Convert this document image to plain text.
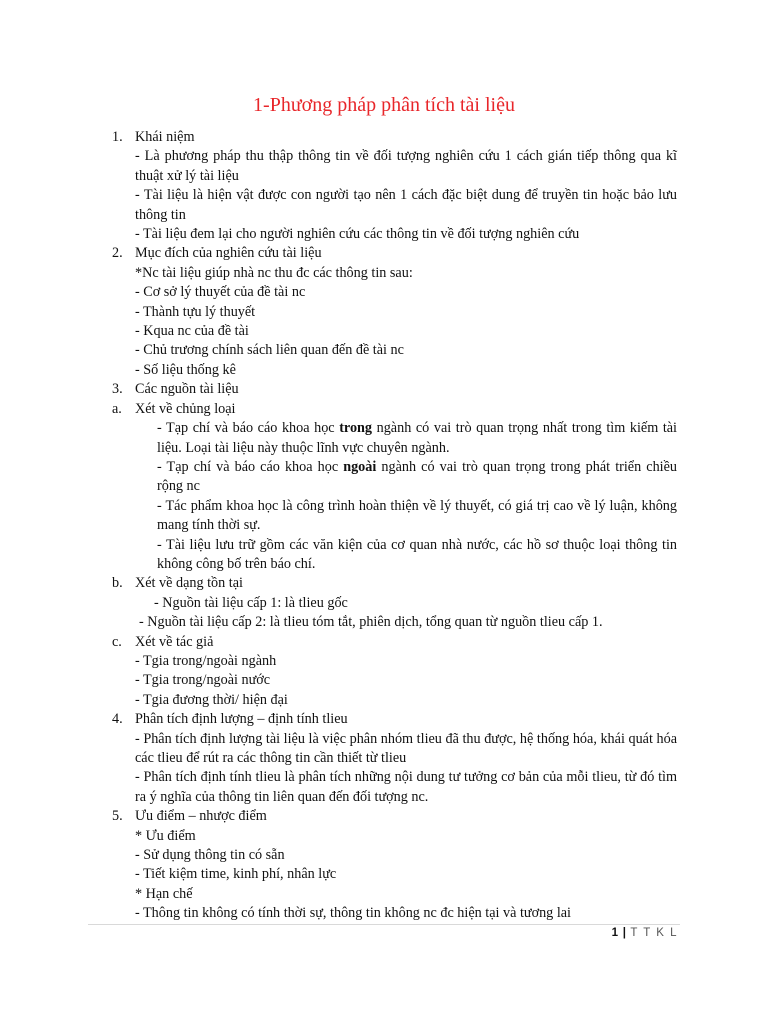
1-Phương pháp phân tích tài liệu
1. Khái niệm
- Là phương pháp thu thập thông tin về đối tượng nghiên cứu 1 cách gián tiếp thông qua kĩ thuật xử lý tài liệu
- Tài liệu là hiện vật được con người tạo nên 1 cách đặc biệt dung để truyền tin hoặc bảo lưu thông tin
- Tài liệu đem lại cho người nghiên cứu các thông tin về đối tượng nghiên cứu
2. Mục đích của nghiên cứu tài liệu
*Nc tài liệu giúp nhà nc thu đc các thông tin sau:
- Cơ sở lý thuyết của đề tài nc
- Thành tựu lý thuyết
- Kqua nc của đề tài
- Chủ trương chính sách liên quan đến đề tài nc
- Số liệu thống kê
3. Các nguồn tài liệu
a. Xét về chủng loại
- Tạp chí và báo cáo khoa học trong ngành có vai trò quan trọng nhất trong tìm kiếm tài liệu. Loại tài liệu này thuộc lĩnh vực chuyên ngành.
- Tạp chí và báo cáo khoa học ngoài ngành có vai trò quan trọng trong phát triển chiều rộng nc
- Tác phẩm khoa học là công trình hoàn thiện về lý thuyết, có giá trị cao về lý luận, không mang tính thời sự.
- Tài liệu lưu trữ gồm các văn kiện của cơ quan nhà nước, các hồ sơ thuộc loại thông tin không công bố trên báo chí.
b. Xét về dạng tồn tại
- Nguồn tài liệu cấp 1: là tlieu gốc
- Nguồn tài liệu cấp 2: là tlieu tóm tắt, phiên dịch, tổng quan từ nguồn tlieu cấp 1.
c. Xét về tác giả
- Tgia trong/ngoài ngành
- Tgia trong/ngoài nước
- Tgia đương thời/ hiện đại
4. Phân tích định lượng – định tính tlieu
- Phân tích định lượng tài liệu là việc phân nhóm tlieu đã thu được, hệ thống hóa, khái quát hóa các tlieu để rút ra các thông tin cần thiết từ tlieu
- Phân tích định tính tlieu là phân tích những nội dung tư tưởng cơ bản của mỗi tlieu, từ đó tìm ra ý nghĩa của thông tin liên quan đến đối tượng nc.
5. Ưu điểm – nhược điểm
* Ưu điểm
- Sử dụng thông tin có sẵn
- Tiết kiệm time, kinh phí, nhân lực
* Hạn chế
- Thông tin không có tính thời sự, thông tin không nc đc hiện tại và tương lai
1 | T T K L
